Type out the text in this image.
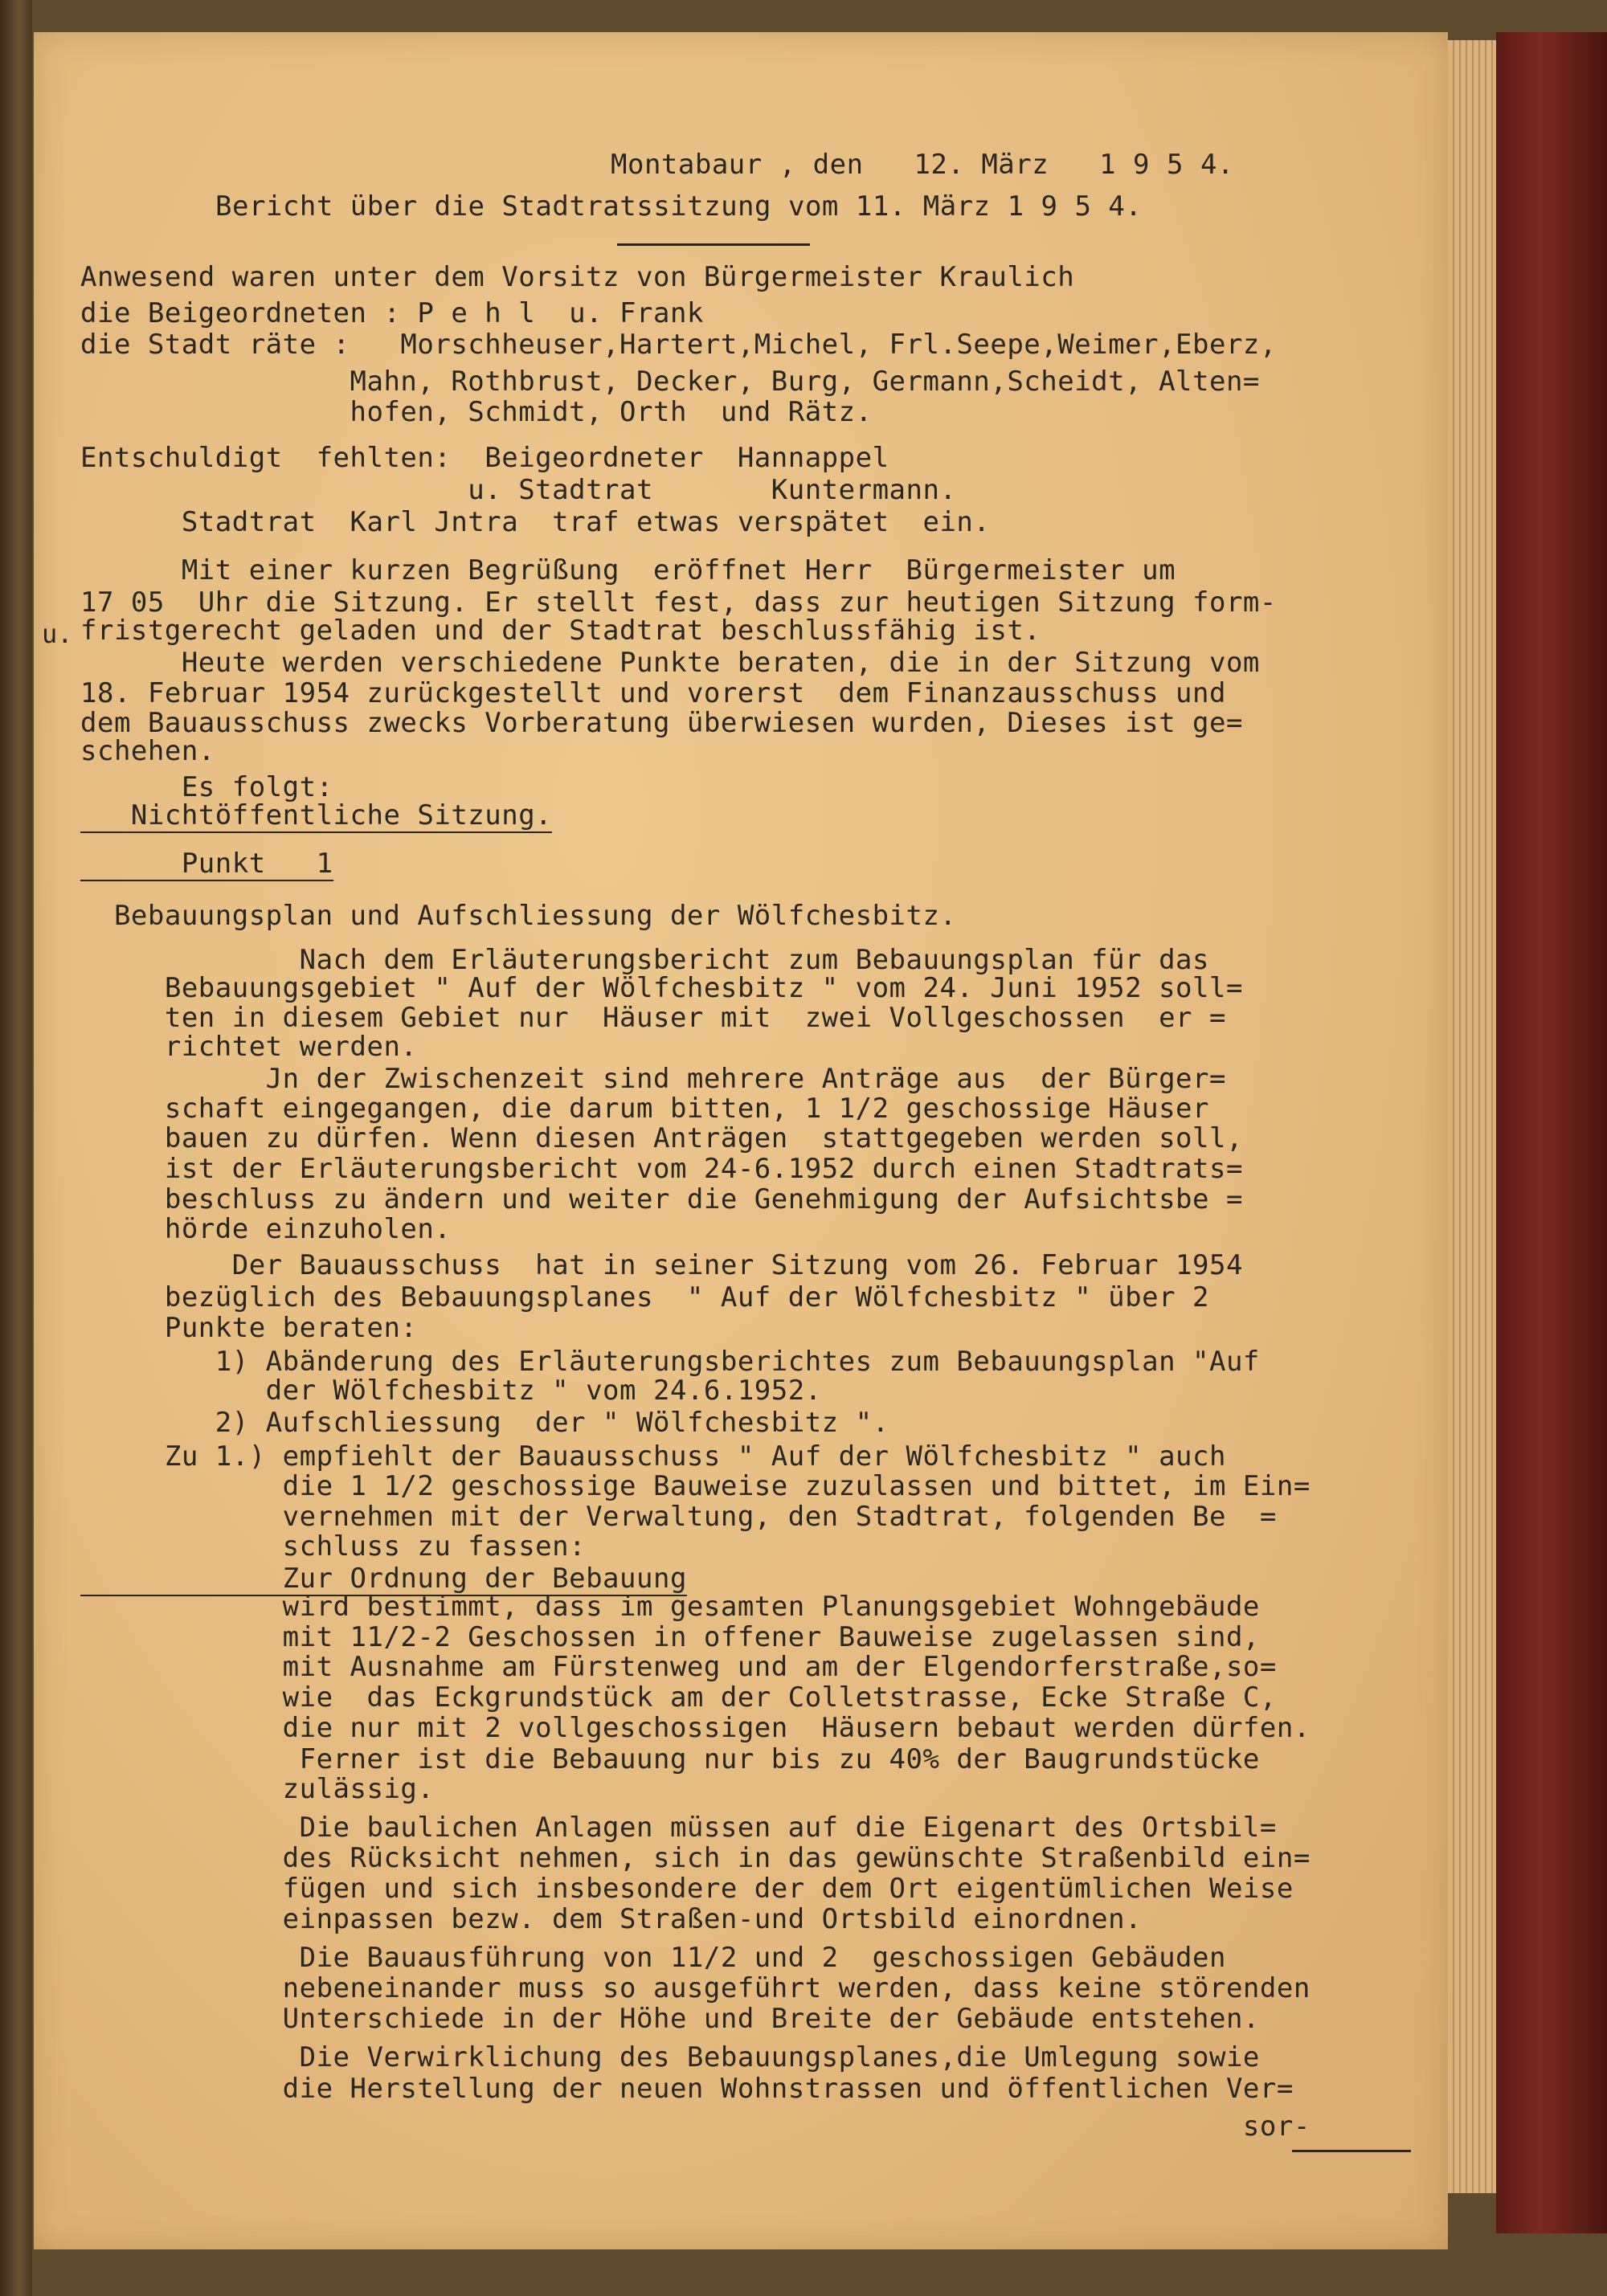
Montabaur , den   12. März   1 9 5 4.
Bericht über die Stadtratssitzung vom 11. März 1 9 5 4.
Anwesend waren unter dem Vorsitz von Bürgermeister Kraulich
die Beigeordneten : P e h l  u. Frank
die Stadt räte :   Morschheuser,Hartert,Michel, Frl.Seepe,Weimer,Eberz,
Mahn, Rothbrust, Decker, Burg, Germann,Scheidt, Alten=
hofen, Schmidt, Orth  und Rätz.
Entschuldigt  fehlten:  Beigeordneter  Hannappel
u. Stadtrat       Kuntermann.
Stadtrat  Karl Jntra  traf etwas verspätet  ein.
Mit einer kurzen Begrüßung  eröffnet Herr  Bürgermeister um
17 05  Uhr die Sitzung. Er stellt fest, dass zur heutigen Sitzung form-
fristgerecht geladen und der Stadtrat beschlussfähig ist.
Heute werden verschiedene Punkte beraten, die in der Sitzung vom
18. Februar 1954 zurückgestellt und vorerst  dem Finanzausschuss und
dem Bauausschuss zwecks Vorberatung überwiesen wurden, Dieses ist ge=
schehen.
Es folgt:
Nichtöffentliche Sitzung.
Punkt   1
Bebauungsplan und Aufschliessung der Wölfchesbitz.
Nach dem Erläuterungsbericht zum Bebauungsplan für das
Bebauungsgebiet " Auf der Wölfchesbitz " vom 24. Juni 1952 soll=
ten in diesem Gebiet nur  Häuser mit  zwei Vollgeschossen  er =
richtet werden.
Jn der Zwischenzeit sind mehrere Anträge aus  der Bürger=
schaft eingegangen, die darum bitten, 1 1/2 geschossige Häuser
bauen zu dürfen. Wenn diesen Anträgen  stattgegeben werden soll,
ist der Erläuterungsbericht vom 24-6.1952 durch einen Stadtrats=
beschluss zu ändern und weiter die Genehmigung der Aufsichtsbe =
hörde einzuholen.
Der Bauausschuss  hat in seiner Sitzung vom 26. Februar 1954
bezüglich des Bebauungsplanes  " Auf der Wölfchesbitz " über 2
Punkte beraten:
1) Abänderung des Erläuterungsberichtes zum Bebauungsplan "Auf
der Wölfchesbitz " vom 24.6.1952.
2) Aufschliessung  der " Wölfchesbitz ".
Zu 1.) empfiehlt der Bauausschuss " Auf der Wölfchesbitz " auch
die 1 1/2 geschossige Bauweise zuzulassen und bittet, im Ein=
vernehmen mit der Verwaltung, den Stadtrat, folgenden Be  =
schluss zu fassen:
Zur Ordnung der Bebauung
wird bestimmt, dass im gesamten Planungsgebiet Wohngebäude
mit 11/2-2 Geschossen in offener Bauweise zugelassen sind,
mit Ausnahme am Fürstenweg und am der Elgendorferstraße,so=
wie  das Eckgrundstück am der Colletstrasse, Ecke Straße C,
die nur mit 2 vollgeschossigen  Häusern bebaut werden dürfen.
Ferner ist die Bebauung nur bis zu 40% der Baugrundstücke
zulässig.
Die baulichen Anlagen müssen auf die Eigenart des Ortsbil=
des Rücksicht nehmen, sich in das gewünschte Straßenbild ein=
fügen und sich insbesondere der dem Ort eigentümlichen Weise
einpassen bezw. dem Straßen-und Ortsbild einordnen.
Die Bauausführung von 11/2 und 2  geschossigen Gebäuden
nebeneinander muss so ausgeführt werden, dass keine störenden
Unterschiede in der Höhe und Breite der Gebäude entstehen.
Die Verwirklichung des Bebauungsplanes,die Umlegung sowie
die Herstellung der neuen Wohnstrassen und öffentlichen Ver=
sor-
u.
